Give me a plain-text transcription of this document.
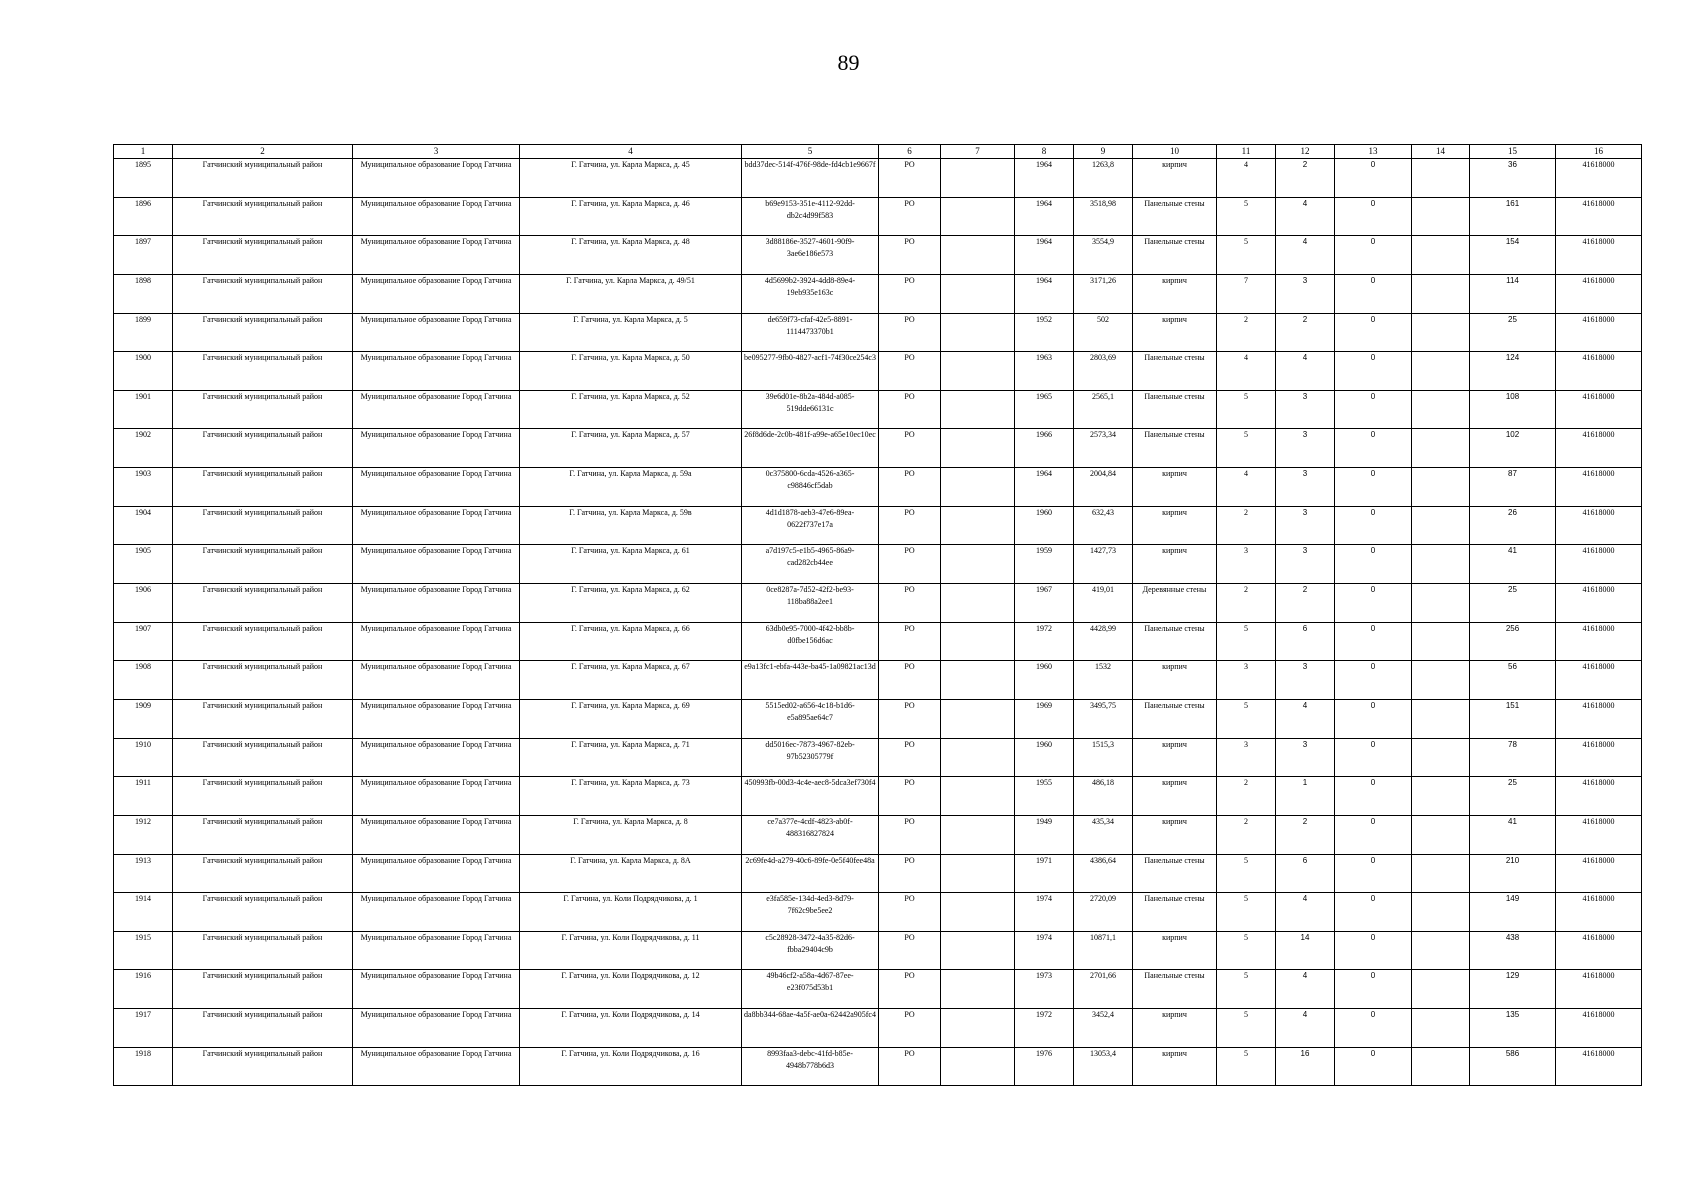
89
1	2	3	4	5	6	7	8	9	10	11	12	13	14	15	16
1895	Гатчинский муниципальный район	Муниципальное образование Город Гатчина	Г. Гатчина, ул. Карла Маркса, д. 45	bdd37dec-514f-476f-98de-fd4cb1e9667f	РО		1964	1263,8	кирпич	4	2	0		36	41618000
1896	Гатчинский муниципальный район	Муниципальное образование Город Гатчина	Г. Гатчина, ул. Карла Маркса, д. 46	b69e9153-351e-4112-92dd-db2c4d99f583	РО		1964	3518,98	Панельные стены	5	4	0		161	41618000
1897	Гатчинский муниципальный район	Муниципальное образование Город Гатчина	Г. Гатчина, ул. Карла Маркса, д. 48	3d88186e-3527-4601-90f9-3ae6e186e573	РО		1964	3554,9	Панельные стены	5	4	0		154	41618000
1898	Гатчинский муниципальный район	Муниципальное образование Город Гатчина	Г. Гатчина, ул. Карла Маркса, д. 49/51	4d5699b2-3924-4dd8-89e4-19eb935e163c	РО		1964	3171,26	кирпич	7	3	0		114	41618000
1899	Гатчинский муниципальный район	Муниципальное образование Город Гатчина	Г. Гатчина, ул. Карла Маркса, д. 5	de659f73-cfaf-42e5-8891-1114473370b1	РО		1952	502	кирпич	2	2	0		25	41618000
1900	Гатчинский муниципальный район	Муниципальное образование Город Гатчина	Г. Гатчина, ул. Карла Маркса, д. 50	be095277-9fb0-4827-acf1-74f30ce254c3	РО		1963	2803,69	Панельные стены	4	4	0		124	41618000
1901	Гатчинский муниципальный район	Муниципальное образование Город Гатчина	Г. Гатчина, ул. Карла Маркса, д. 52	39e6d01e-8b2a-484d-a085-519dde66131c	РО		1965	2565,1	Панельные стены	5	3	0		108	41618000
1902	Гатчинский муниципальный район	Муниципальное образование Город Гатчина	Г. Гатчина, ул. Карла Маркса, д. 57	26f8d6de-2c0b-481f-a99e-a65e10ec10ec	РО		1966	2573,34	Панельные стены	5	3	0		102	41618000
1903	Гатчинский муниципальный район	Муниципальное образование Город Гатчина	Г. Гатчина, ул. Карла Маркса, д. 59а	0c375800-6cda-4526-a365-c98846cf5dab	РО		1964	2004,84	кирпич	4	3	0		87	41618000
1904	Гатчинский муниципальный район	Муниципальное образование Город Гатчина	Г. Гатчина, ул. Карла Маркса, д. 59в	4d1d1878-aeb3-47e6-89ea-0622f737e17a	РО		1960	632,43	кирпич	2	3	0		26	41618000
1905	Гатчинский муниципальный район	Муниципальное образование Город Гатчина	Г. Гатчина, ул. Карла Маркса, д. 61	a7d197c5-e1b5-4965-86a9-cad282cb44ee	РО		1959	1427,73	кирпич	3	3	0		41	41618000
1906	Гатчинский муниципальный район	Муниципальное образование Город Гатчина	Г. Гатчина, ул. Карла Маркса, д. 62	0ce8287a-7d52-42f2-be93-118ba88a2ee1	РО		1967	419,01	Деревянные стены	2	2	0		25	41618000
1907	Гатчинский муниципальный район	Муниципальное образование Город Гатчина	Г. Гатчина, ул. Карла Маркса, д. 66	63db0e95-7000-4f42-bb8b-d0fbe156d6ac	РО		1972	4428,99	Панельные стены	5	6	0		256	41618000
1908	Гатчинский муниципальный район	Муниципальное образование Город Гатчина	Г. Гатчина, ул. Карла Маркса, д. 67	e9a13fc1-ebfa-443e-ba45-1a09821ac13d	РО		1960	1532	кирпич	3	3	0		56	41618000
1909	Гатчинский муниципальный район	Муниципальное образование Город Гатчина	Г. Гатчина, ул. Карла Маркса, д. 69	5515ed02-a656-4c18-b1d6-e5a895ae64c7	РО		1969	3495,75	Панельные стены	5	4	0		151	41618000
1910	Гатчинский муниципальный район	Муниципальное образование Город Гатчина	Г. Гатчина, ул. Карла Маркса, д. 71	dd5016ec-7873-4967-82eb-97b52305779f	РО		1960	1515,3	кирпич	3	3	0		78	41618000
1911	Гатчинский муниципальный район	Муниципальное образование Город Гатчина	Г. Гатчина, ул. Карла Маркса, д. 73	450993fb-00d3-4c4e-aec8-5dca3ef730f4	РО		1955	486,18	кирпич	2	1	0		25	41618000
1912	Гатчинский муниципальный район	Муниципальное образование Город Гатчина	Г. Гатчина, ул. Карла Маркса, д. 8	ce7a377e-4cdf-4823-ab0f-488316827824	РО		1949	435,34	кирпич	2	2	0		41	41618000
1913	Гатчинский муниципальный район	Муниципальное образование Город Гатчина	Г. Гатчина, ул. Карла Маркса, д. 8А	2c69fe4d-a279-40c6-89fe-0e5f40fee48a	РО		1971	4386,64	Панельные стены	5	6	0		210	41618000
1914	Гатчинский муниципальный район	Муниципальное образование Город Гатчина	Г. Гатчина, ул. Коли Подрядчикова, д. 1	e3fa585e-134d-4ed3-8d79-7f62c9be5ee2	РО		1974	2720,09	Панельные стены	5	4	0		149	41618000
1915	Гатчинский муниципальный район	Муниципальное образование Город Гатчина	Г. Гатчина, ул. Коли Подрядчикова, д. 11	c5c28928-3472-4a35-82d6-fbba29404c9b	РО		1974	10871,1	кирпич	5	14	0		438	41618000
1916	Гатчинский муниципальный район	Муниципальное образование Город Гатчина	Г. Гатчина, ул. Коли Подрядчикова, д. 12	49b46cf2-a58a-4d67-87ee-e23f075d53b1	РО		1973	2701,66	Панельные стены	5	4	0		129	41618000
1917	Гатчинский муниципальный район	Муниципальное образование Город Гатчина	Г. Гатчина, ул. Коли Подрядчикова, д. 14	da8bb344-68ae-4a5f-ae0a-62442a905fc4	РО		1972	3452,4	кирпич	5	4	0		135	41618000
1918	Гатчинский муниципальный район	Муниципальное образование Город Гатчина	Г. Гатчина, ул. Коли Подрядчикова, д. 16	8993faa3-debc-41fd-b85e-4948b778b6d3	РО		1976	13053,4	кирпич	5	16	0		586	41618000
